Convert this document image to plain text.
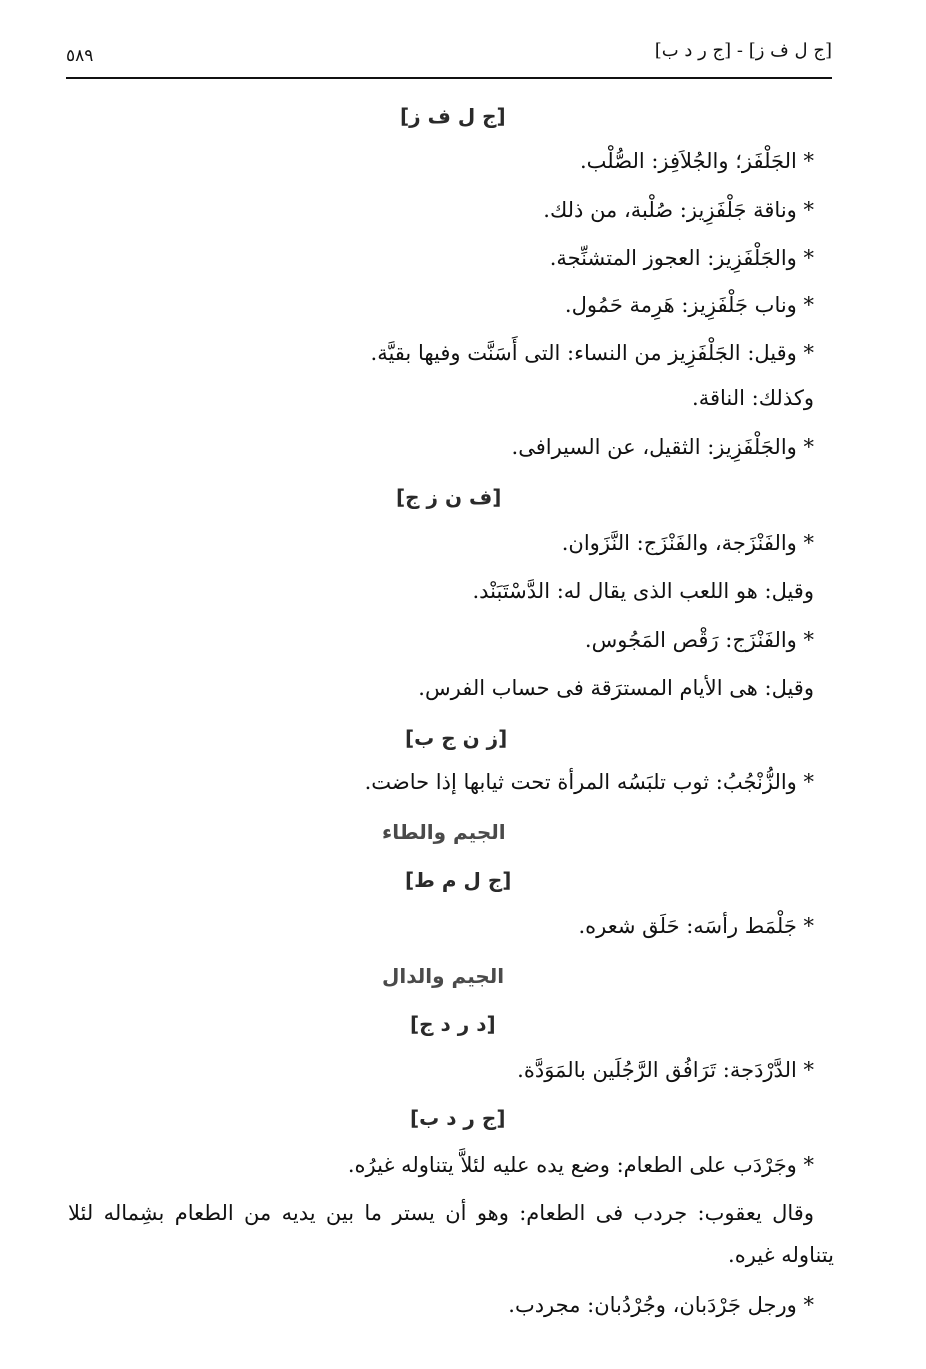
٥٨٩	[ج ل ف ز] - [ج ر د ب]
[ج ل ف ز]
* الجَلْفَز؛ والجُلاَفِز: الصُّلْب.
* وناقة جَلْفَزِيز: صُلْبة، من ذلك.
* والجَلْفَزِيز: العجوز المتشنِّجة.
* وناب جَلْفَزِيز: هَرِمة حَمُول.
* وقيل: الجَلْفَزِيز من النساء: التى أَسَنَّت وفيها بقيَّة.
وكذلك: الناقة.
* والجَلْفَزِيز: الثقيل، عن السيرافى.
[ف ن ز ج]
* والفَنْزَجة، والفَنْزَج: النَّزَوان.
وقيل: هو اللعب الذى يقال له: الدَّسْتَبَنْد.
* والفَنْزَج: رَقْص المَجُوس.
وقيل: هى الأيام المسترَقة فى حساب الفرس.
[ز ن ج ب]
* والزُّنْجُبُ: ثوب تلبَسُه المرأة تحت ثيابها إذا حاضت.
الجيم والطاء
[ج ل م ط]
* جَلْمَط رأسَه: حَلَق شعره.
الجيم والدال
[د ر د ج]
* الدَّرْدَجة: تَرَافُق الرَّجُلَين بالمَوَدَّة.
[ج ر د ب]
* وجَرْدَب على الطعام: وضع يده عليه لئلاَّ يتناوله غيرُه.
وقال يعقوب: جردب فى الطعام: وهو أن يستر ما بين يديه من الطعام بشِماله لئلا
يتناوله غيره.
* ورجل جَرْدَبان، وجُرْدُبان: مجردب.
